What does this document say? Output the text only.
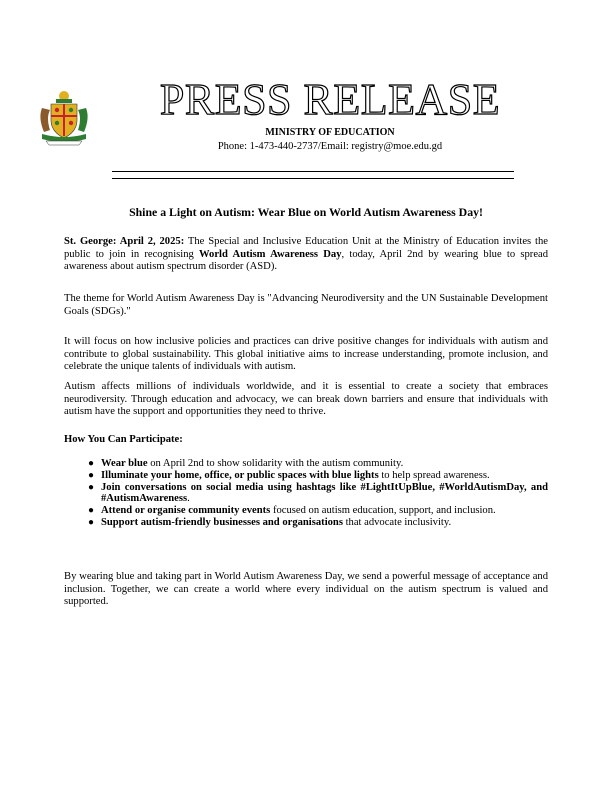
PRESS RELEASE
MINISTRY OF EDUCATION
Phone: 1-473-440-2737/Email: registry@moe.edu.gd
Shine a Light on Autism: Wear Blue on World Autism Awareness Day!

St. George: April 2, 2025: The Special and Inclusive Education Unit at the Ministry of Education invites the public to join in recognising World Autism Awareness Day, today, April 2nd by wearing blue to spread awareness about autism spectrum disorder (ASD).

The theme for World Autism Awareness Day is "Advancing Neurodiversity and the UN Sustainable Development Goals (SDGs)."

It will focus on how inclusive policies and practices can drive positive changes for individuals with autism and contribute to global sustainability. This global initiative aims to increase understanding, promote inclusion, and celebrate the unique talents of individuals with autism.

Autism affects millions of individuals worldwide, and it is essential to create a society that embraces neurodiversity. Through education and advocacy, we can break down barriers and ensure that individuals with autism have the support and opportunities they need to thrive.

How You Can Participate:
● Wear blue on April 2nd to show solidarity with the autism community.
● Illuminate your home, office, or public spaces with blue lights to help spread awareness.
● Join conversations on social media using hashtags like #LightItUpBlue, #WorldAutismDay, and #AutismAwareness.
● Attend or organise community events focused on autism education, support, and inclusion.
● Support autism-friendly businesses and organisations that advocate inclusivity.

By wearing blue and taking part in World Autism Awareness Day, we send a powerful message of acceptance and inclusion. Together, we can create a world where every individual on the autism spectrum is valued and supported.
